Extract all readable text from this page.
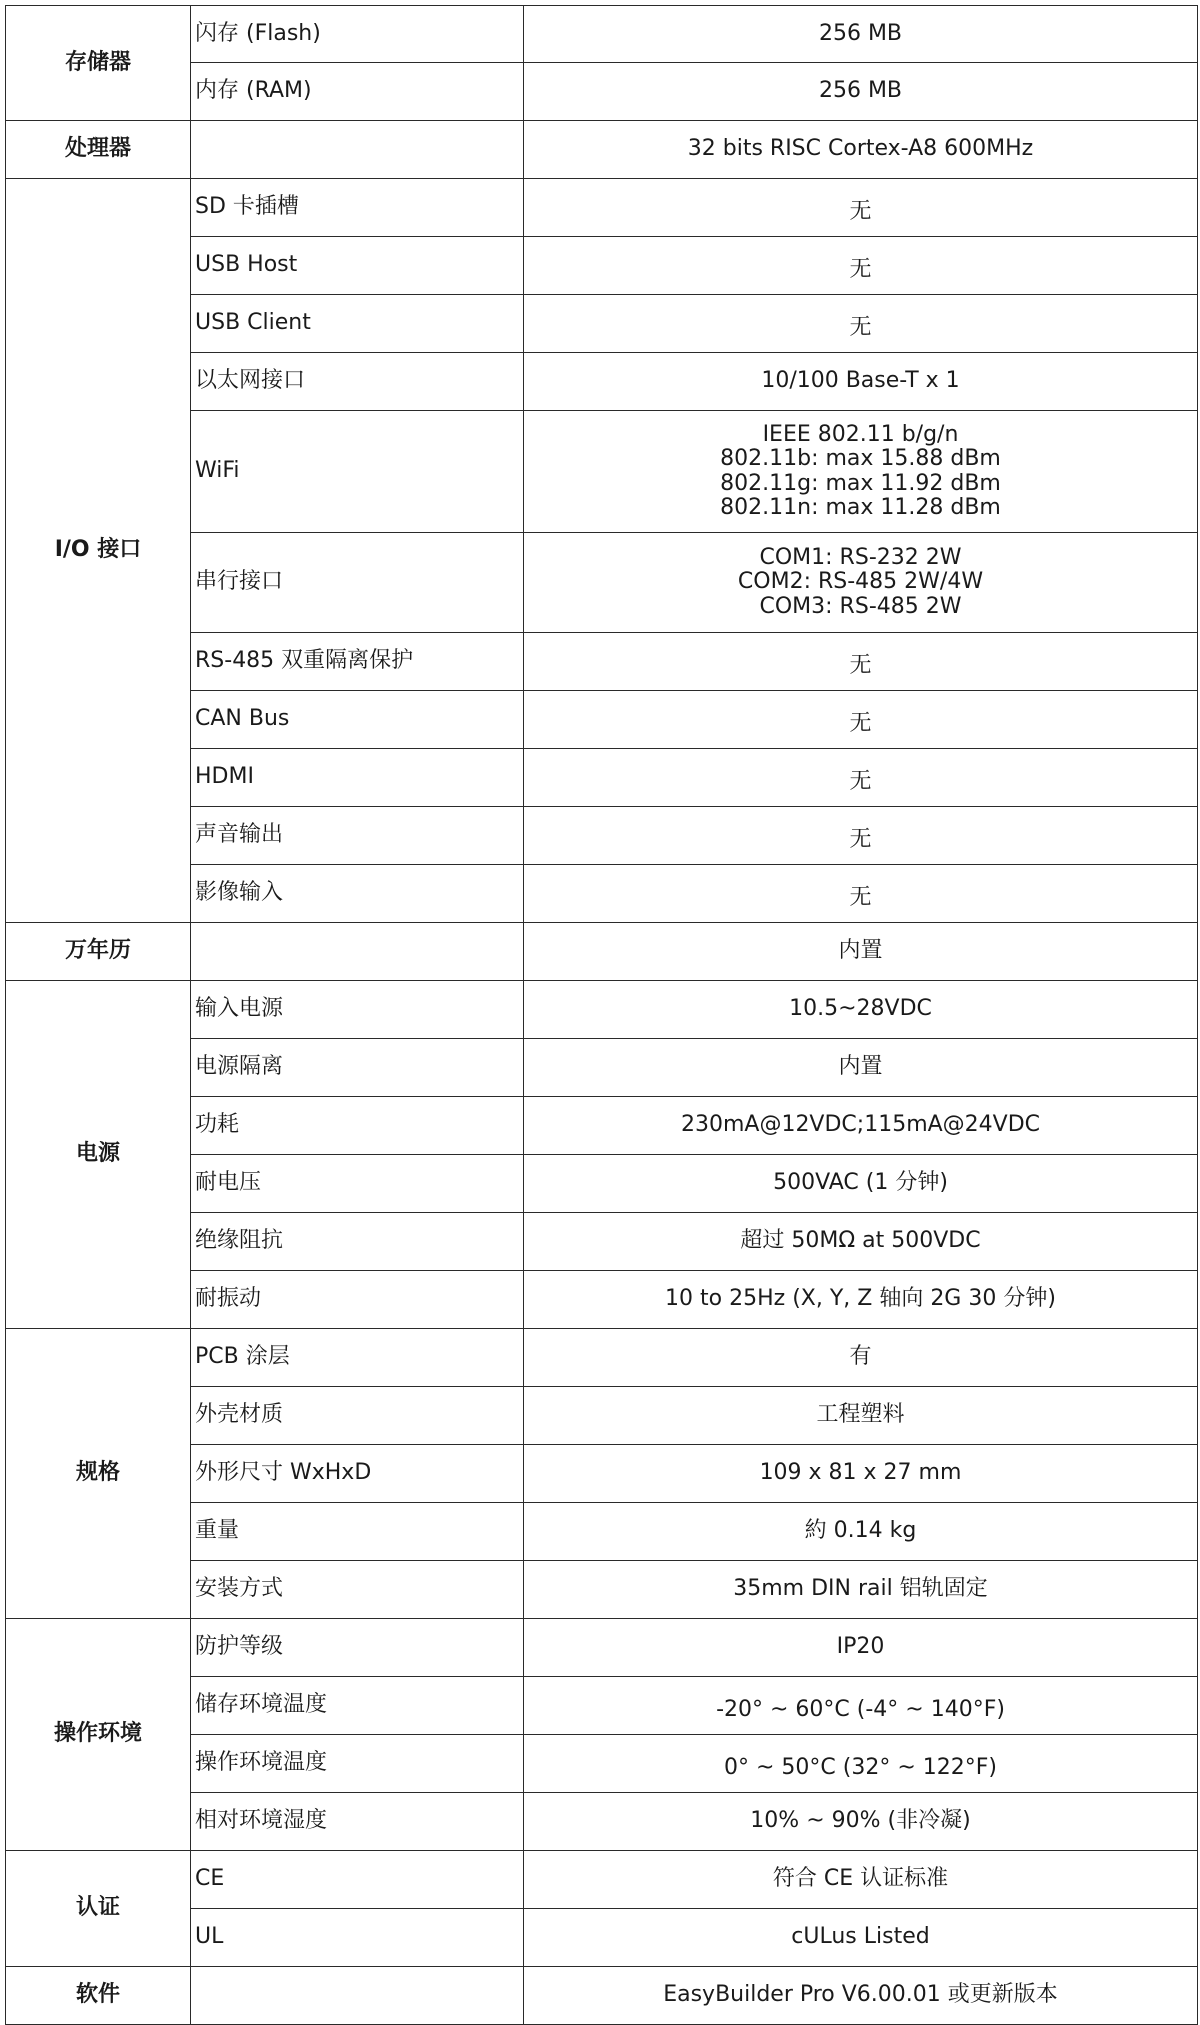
存储器	闪存 (Flash)	256 MB
	内存 (RAM)	256 MB
处理器		32 bits RISC Cortex-A8 600MHz
I/O 接口	SD 卡插槽	无
	USB Host	无
	USB Client	无
	以太网接口	10/100 Base-T x 1
	WiFi	IEEE 802.11 b/g/n
802.11b: max 15.88 dBm
802.11g: max 11.92 dBm
802.11n: max 11.28 dBm

	串行接口	COM1: RS-232 2W
COM2: RS-485 2W/4W
COM3: RS-485 2W

	RS-485 双重隔离保护	无
	CAN Bus	无
	HDMI	无
	声音输出	无
	影像输入	无
万年历		内置
电源	输入电源	10.5~28VDC
	电源隔离	内置
	功耗	230mA@12VDC;115mA@24VDC
	耐电压	500VAC (1 分钟)
	绝缘阻抗	超过 50MΩ at 500VDC
	耐振动	10 to 25Hz (X, Y, Z 轴向 2G 30 分钟)
规格	PCB 涂层	有
	外壳材质	工程塑料
	外形尺寸 WxHxD	109 x 81 x 27 mm
	重量	約 0.14 kg
	安装方式	35mm DIN rail 铝轨固定
操作环境	防护等级	IP20
	储存环境温度	-20° ~ 60°C (-4° ~ 140°F)
	操作环境温度	0° ~ 50°C (32° ~ 122°F)
	相对环境湿度	10% ~ 90% (非冷凝)
认证	CE	符合 CE 认证标准
	UL	cULus Listed
软件		EasyBuilder Pro V6.00.01 或更新版本
